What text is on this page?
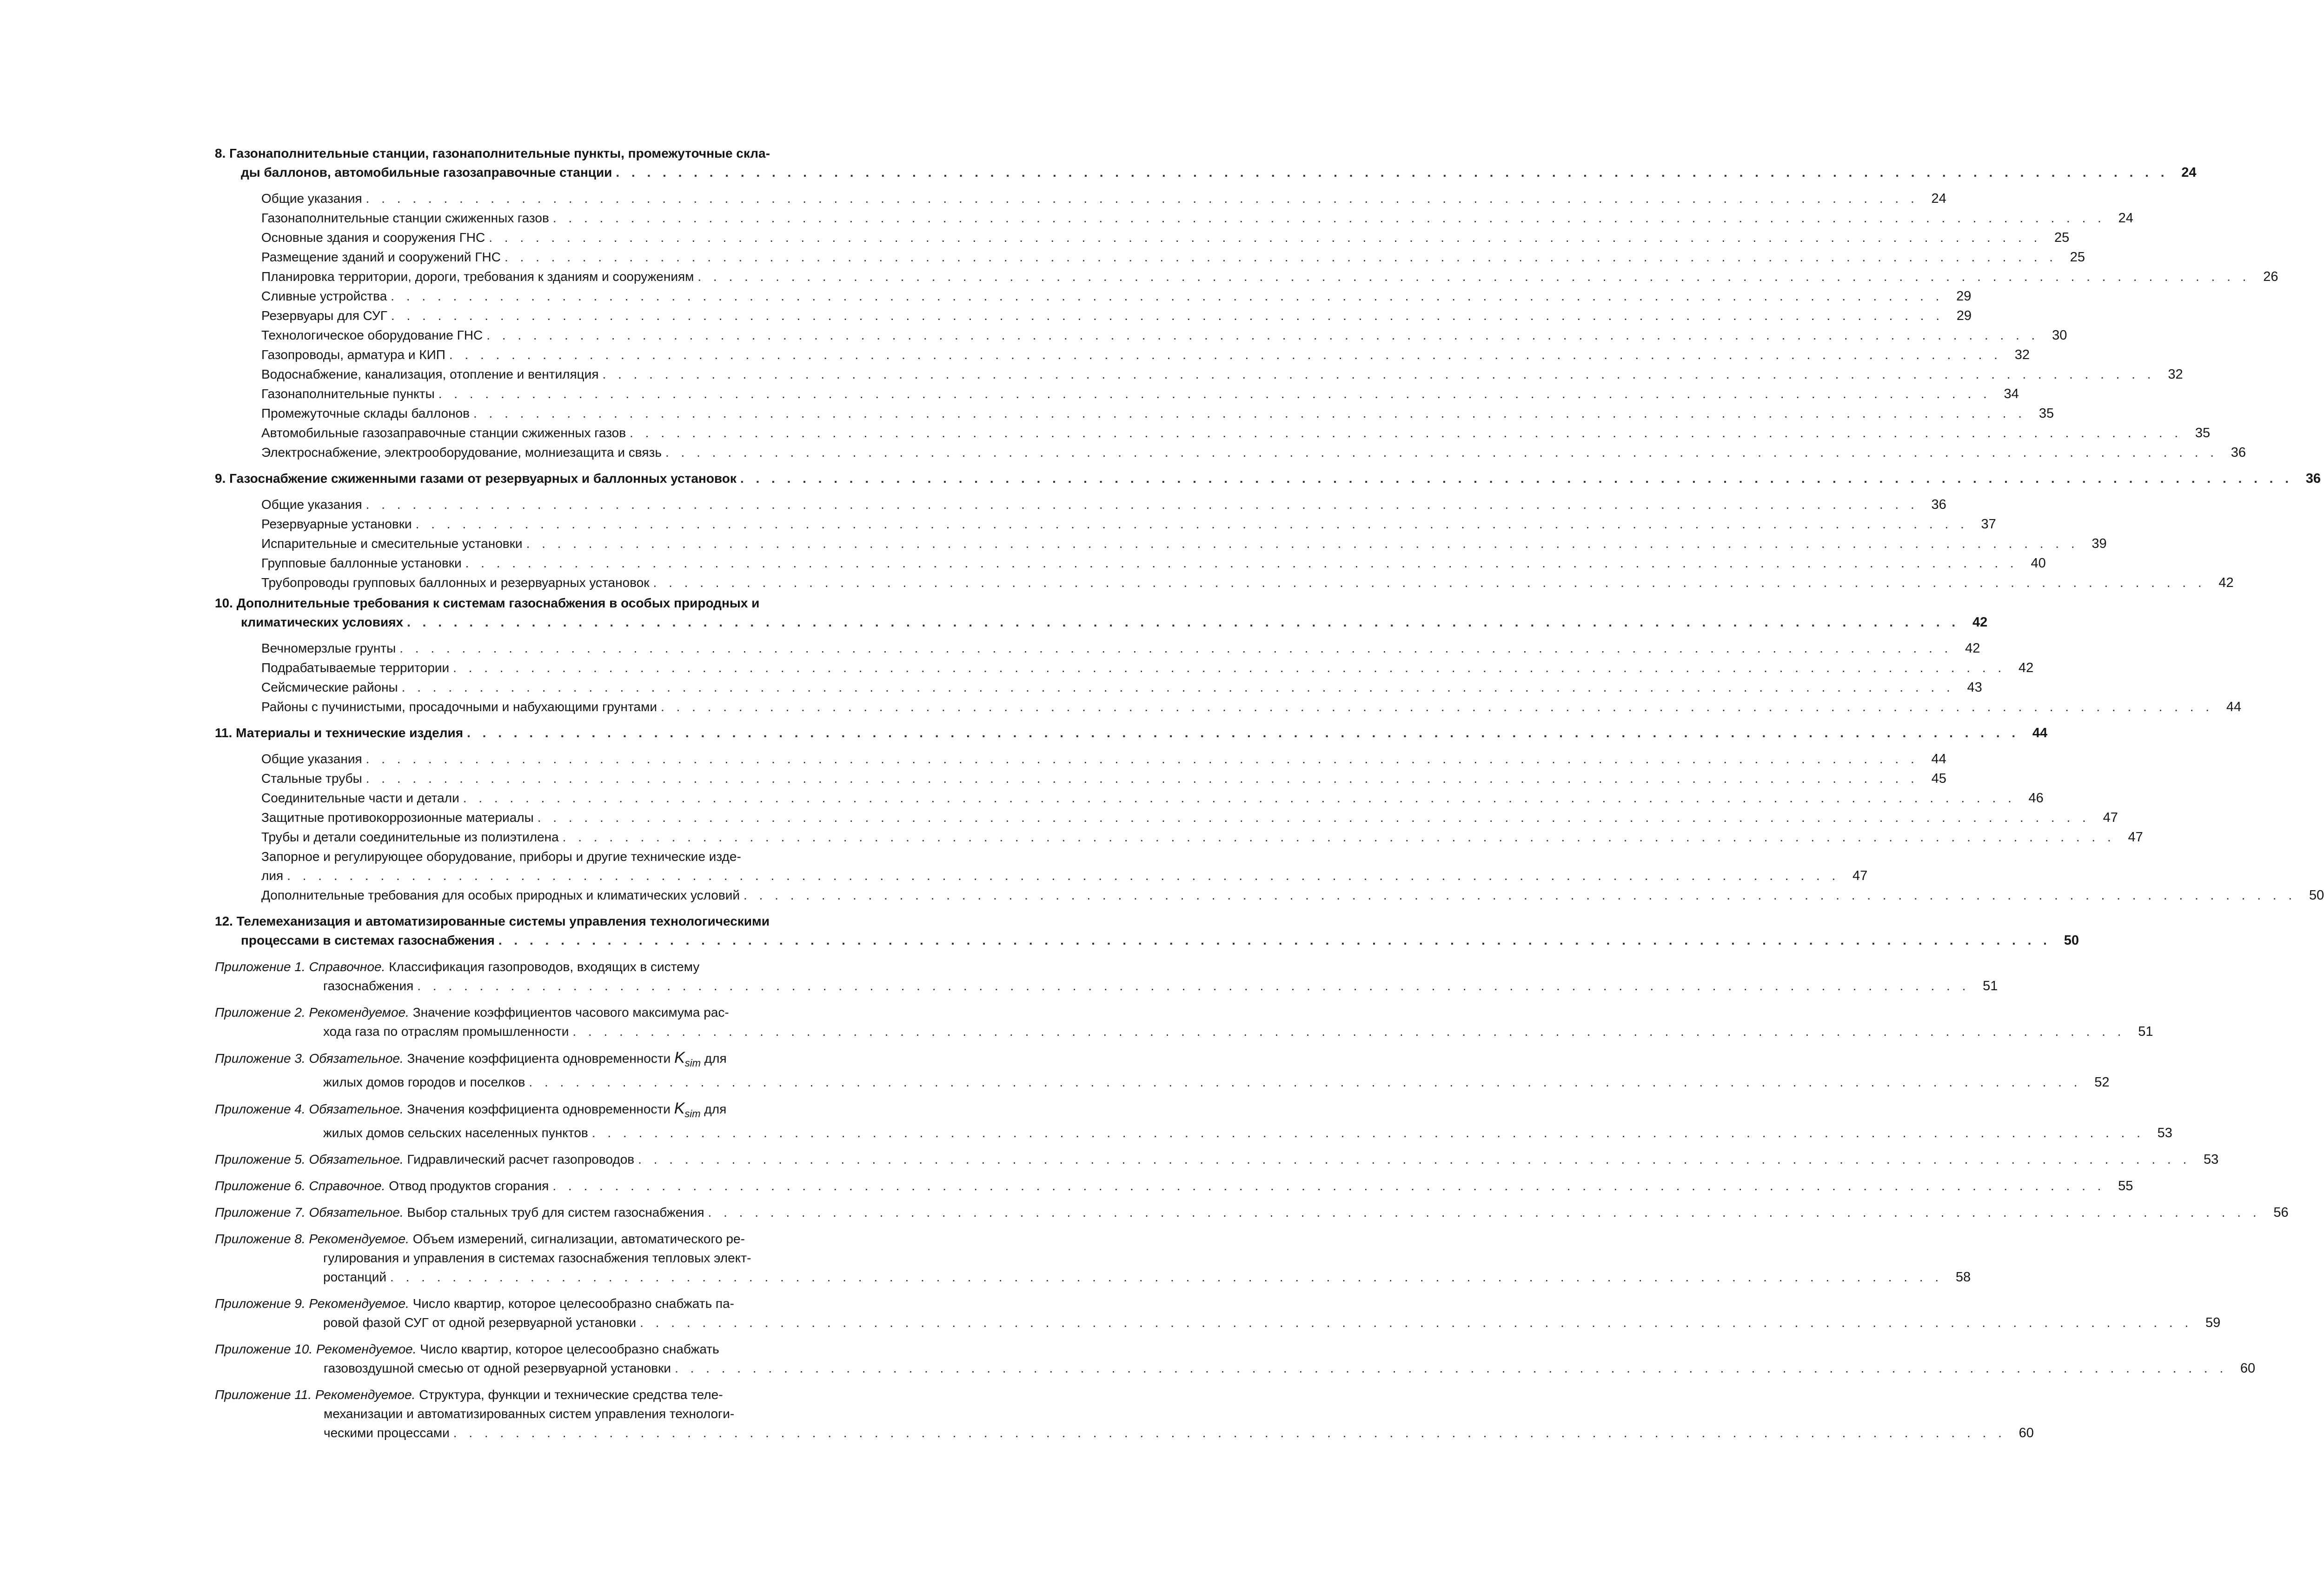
8. Газонаполнительные станции, газонаполнительные пункты, промежуточные скла-
ды баллонов, автомобильные газозаправочные станции . . .	24
Общие указания . . .	24
Газонаполнительные станции сжиженных газов . . .	24
Основные здания и сооружения ГНС . . .	25
Размещение зданий и сооружений ГНС . . .	25
Планировка территории, дороги, требования к зданиям и сооружениям . . .	26
Сливные устройства . . .	29
Резервуары для СУГ . . .	29
Технологическое оборудование ГНС . . .	30
Газопроводы, арматура и КИП . . .	32
Водоснабжение, канализация, отопление и вентиляция . . .	32
Газонаполнительные пункты . . .	34
Промежуточные склады баллонов . . .	35
Автомобильные газозаправочные станции сжиженных газов . . .	35
Электроснабжение, электрооборудование, молниезащита и связь . . .	36
9. Газоснабжение сжиженными газами от резервуарных и баллонных установок . . .	36
Общие указания . . .	36
Резервуарные установки . . .	37
Испарительные и смесительные установки . . .	39
Групповые баллонные установки . . .	40
Трубопроводы групповых баллонных и резервуарных установок . . .	42
10. Дополнительные требования к системам газоснабжения в особых природных и
климатических условиях . . .	42
Вечномерзлые грунты . . .	42
Подрабатываемые территории . . .	42
Сейсмические районы . . .	43
Районы с пучинистыми, просадочными и набухающими грунтами . . .	44
11. Материалы и технические изделия . . .	44
Общие указания . . .	44
Стальные трубы . . .	45
Соединительные части и детали . . .	46
Защитные противокоррозионные материалы . . .	47
Трубы и детали соединительные из полиэтилена . . .	47
Запорное и регулирующее оборудование, приборы и другие технические изде-
лия . . .	47
Дополнительные требования для особых природных и климатических условий . . .	50
12. Телемеханизация и автоматизированные системы управления технологическими
процессами в системах газоснабжения . . .	50
Приложение 1. Справочное. Классификация газопроводов, входящих в систему
газоснабжения . . .	51
Приложение 2. Рекомендуемое. Значение коэффициентов часового максимума рас-
хода газа по отраслям промышленности . . .	51
Приложение 3. Обязательное. Значение коэффициента одновременности $K_{sim}$ для
жилых домов городов и поселков . . .	52
Приложение 4. Обязательное. Значения коэффициента одновременности $K_{sim}$ для
жилых домов сельских населенных пунктов . . .	53
Приложение 5. Обязательное. Гидравлический расчет газопроводов . . .	53
Приложение 6. Справочное. Отвод продуктов сгорания . . .	55
Приложение 7. Обязательное. Выбор стальных труб для систем газоснабжения . . .	56
Приложение 8. Рекомендуемое. Объем измерений, сигнализации, автоматического ре-
гулирования и управления в системах газоснабжения тепловых элект-
ростанций . . .	58
Приложение 9. Рекомендуемое. Число квартир, которое целесообразно снабжать па-
ровой фазой СУГ от одной резервуарной установки . . .	59
Приложение 10. Рекомендуемое. Число квартир, которое целесообразно снабжать
газовоздушной смесью от одной резервуарной установки . . .	60
Приложение 11. Рекомендуемое. Структура, функции и технические средства теле-
механизации и автоматизированных систем управления технологи-
ческими процессами . . .	60
